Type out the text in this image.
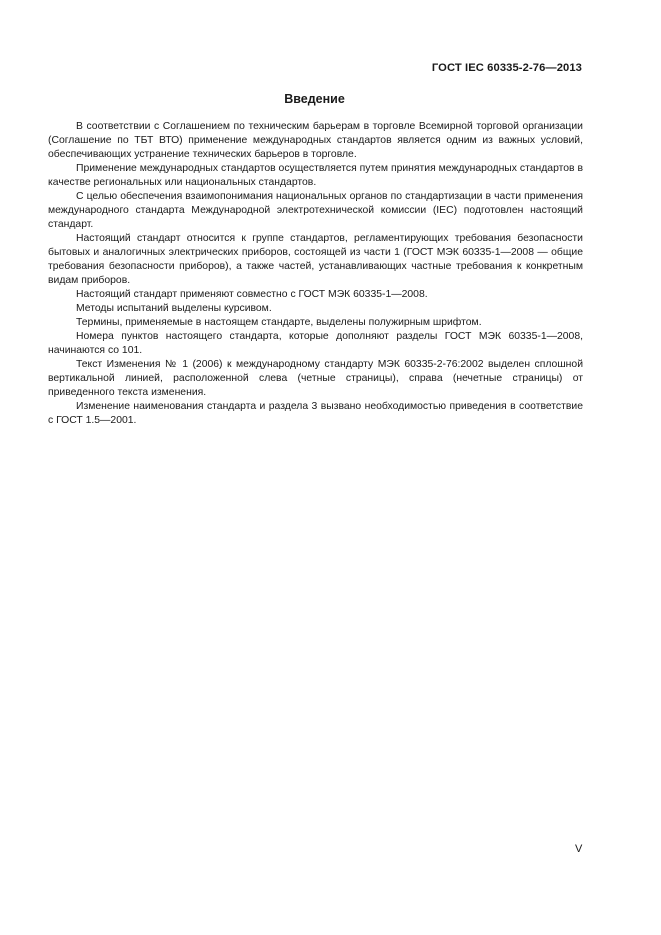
ГОСТ IEC 60335-2-76—2013
Введение

В соответствии с Соглашением по техническим барьерам в торговле Всемирной торговой организации (Соглашение по ТБТ ВТО) применение международных стандартов является одним из важных условий, обеспечивающих устранение технических барьеров в торговле.

Применение международных стандартов осуществляется путем принятия международных стандартов в качестве региональных или национальных стандартов.

С целью обеспечения взаимопонимания национальных органов по стандартизации в части применения международного стандарта Международной электротехнической комиссии (IEC) подготовлен настоящий стандарт.

Настоящий стандарт относится к группе стандартов, регламентирующих требования безопасности бытовых и аналогичных электрических приборов, состоящей из части 1 (ГОСТ МЭК 60335-1—2008 — общие требования безопасности приборов), а также частей, устанавливающих частные требования к конкретным видам приборов.

Настоящий стандарт применяют совместно с ГОСТ МЭК 60335-1—2008.

Методы испытаний выделены курсивом.

Термины, применяемые в настоящем стандарте, выделены полужирным шрифтом.

Номера пунктов настоящего стандарта, которые дополняют разделы ГОСТ МЭК 60335-1—2008, начинаются со 101.

Текст Изменения № 1 (2006) к международному стандарту МЭК 60335-2-76:2002 выделен сплошной вертикальной линией, расположенной слева (четные страницы), справа (нечетные страницы) от приведенного текста изменения.

Изменение наименования стандарта и раздела 3 вызвано необходимостью приведения в соответствие с ГОСТ 1.5—2001.

V
